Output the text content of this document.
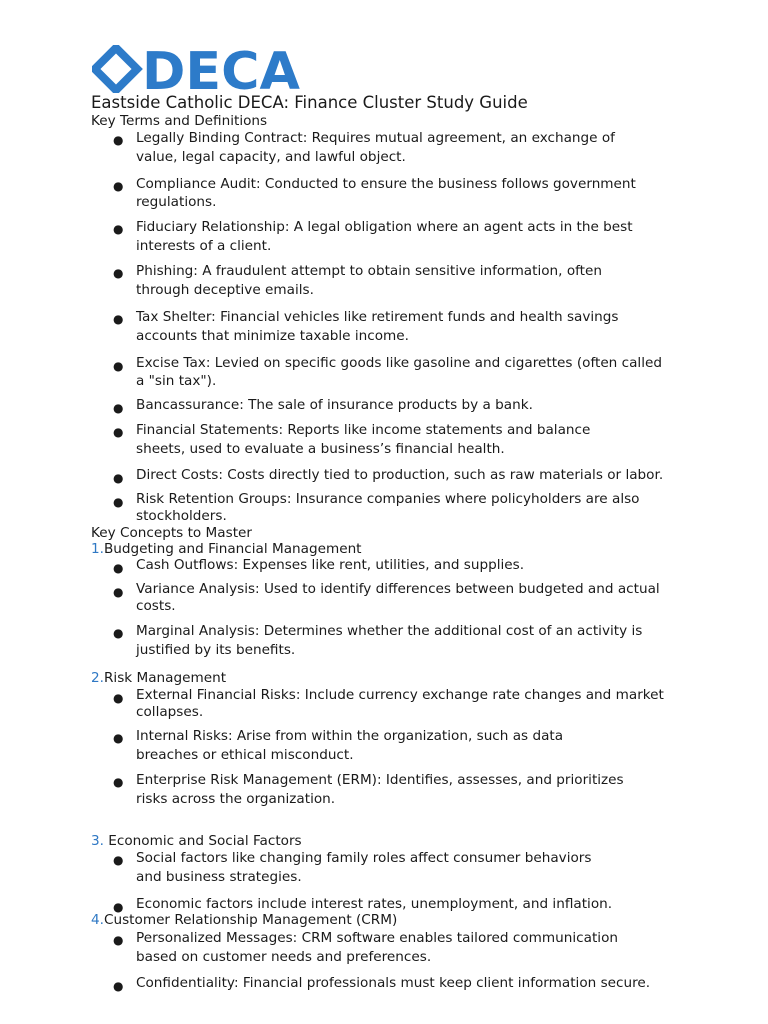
DECA
Eastside Catholic DECA: Finance Cluster Study Guide
Key Terms and Definitions
● Legally Binding Contract: Requires mutual agreement, an exchange of
value, legal capacity, and lawful object.
● Compliance Audit: Conducted to ensure the business follows government
regulations.
● Fiduciary Relationship: A legal obligation where an agent acts in the best
interests of a client.
● Phishing: A fraudulent attempt to obtain sensitive information, often
through deceptive emails.
● Tax Shelter: Financial vehicles like retirement funds and health savings
accounts that minimize taxable income.
● Excise Tax: Levied on specific goods like gasoline and cigarettes (often called
a "sin tax").
● Bancassurance: The sale of insurance products by a bank.
● Financial Statements: Reports like income statements and balance
sheets, used to evaluate a business’s financial health.
● Direct Costs: Costs directly tied to production, such as raw materials or labor.
● Risk Retention Groups: Insurance companies where policyholders are also
stockholders.
Key Concepts to Master
1.Budgeting and Financial Management
● Cash Outflows: Expenses like rent, utilities, and supplies.
● Variance Analysis: Used to identify differences between budgeted and actual
costs.
● Marginal Analysis: Determines whether the additional cost of an activity is
justified by its benefits.
2.Risk Management
● External Financial Risks: Include currency exchange rate changes and market
collapses.
● Internal Risks: Arise from within the organization, such as data
breaches or ethical misconduct.
● Enterprise Risk Management (ERM): Identifies, assesses, and prioritizes
risks across the organization.
3. Economic and Social Factors
● Social factors like changing family roles affect consumer behaviors
and business strategies.
● Economic factors include interest rates, unemployment, and inflation.
4.Customer Relationship Management (CRM)
● Personalized Messages: CRM software enables tailored communication
based on customer needs and preferences.
● Confidentiality: Financial professionals must keep client information secure.
